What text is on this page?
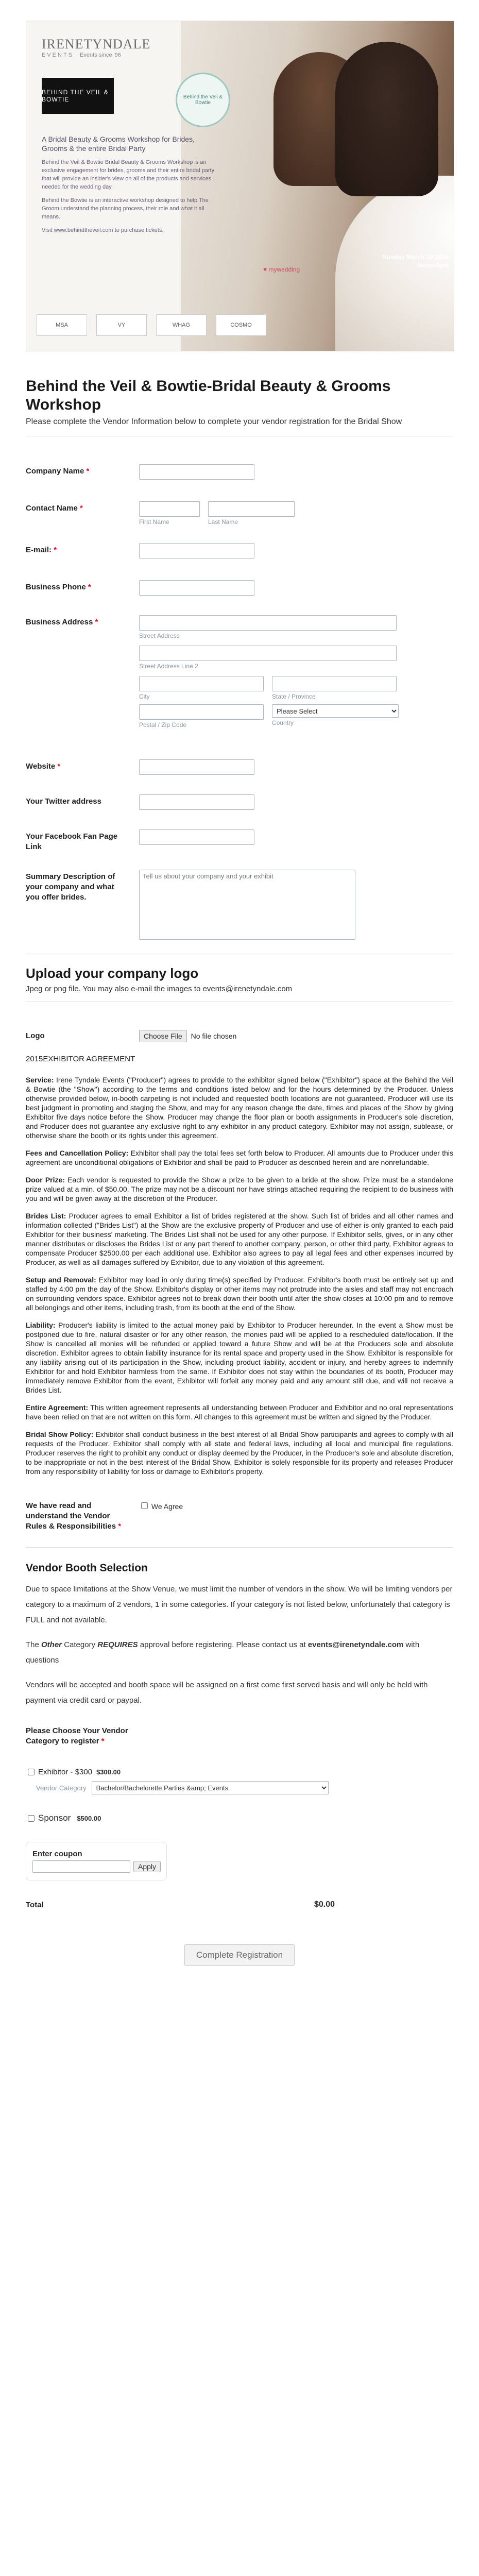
IRENETYNDALE
EVENTS Events since '96
BEHIND THE VEIL & BOWTIE	Behind the Veil & Bowtie

A Bridal Beauty & Grooms Workshop for Brides, Grooms & the entire Bridal Party

Behind the Veil & Bowtie Bridal Beauty & Grooms Workshop is an exclusive engagement for brides, grooms and their entire bridal party that will provide an insider's view on all of the products and services needed for the wedding day.

Behind the Bowtie is an interactive workshop designed to help The Groom understand the planning process, their role and what it all means.

Visit www.behindtheveil.com to purchase tickets.

♥ mywedding
Sunday March 20 2016 Noon-5pm
MSA	VY	WHAG	COSMO
Behind the Veil & Bowtie-Bridal Beauty & Grooms Workshop
Please complete the Vendor Information below to complete your vendor registration for the Bridal Show
Company Name *
Contact Name *
First Name	Last Name
E-mail: *
Business Phone *
Business Address *
Street Address
Street Address Line 2
City	State / Province
Postal / Zip Code
Please Select	Country
Website *
Your Twitter address
Your Facebook Fan Page Link
Summary Description of your company and what you offer brides.
Tell us about your company and your exhibit
Upload your company logo
Jpeg or png file. You may also e-mail the images to events@irenetyndale.com
Logo	Choose File No file chosen

2015EXHIBITOR AGREEMENT

Service: Irene Tyndale Events ("Producer") agrees to provide to the exhibitor signed below ("Exhibitor") space at the Behind the Veil & Bowtie (the "Show") according to the terms and conditions listed below and for the hours determined by the Producer. Unless otherwise provided below, in-booth carpeting is not included and requested booth locations are not guaranteed. Producer will use its best judgment in promoting and staging the Show, and may for any reason change the date, times and places of the Show by giving Exhibitor five days notice before the Show. Producer may change the floor plan or booth assignments in Producer's sole discretion, and Producer does not guarantee any exclusive right to any exhibitor in any product category. Exhibitor may not assign, sublease, or otherwise share the booth or its rights under this agreement.

Fees and Cancellation Policy: Exhibitor shall pay the total fees set forth below to Producer. All amounts due to Producer under this agreement are unconditional obligations of Exhibitor and shall be paid to Producer as described herein and are nonrefundable.

Door Prize: Each vendor is requested to provide the Show a prize to be given to a bride at the show. Prize must be a standalone prize valued at a min. of $50.00. The prize may not be a discount nor have strings attached requiring the recipient to do business with you and will be given away at the discretion of the Producer.

Brides List: Producer agrees to email Exhibitor a list of brides registered at the show. Such list of brides and all other names and information collected ("Brides List") at the Show are the exclusive property of Producer and use of either is only granted to each paid Exhibitor for their business' marketing. The Brides List shall not be used for any other purpose. If Exhibitor sells, gives, or in any other manner distributes or discloses the Brides List or any part thereof to another company, person, or other third party, Exhibitor agrees to compensate Producer $2500.00 per each additional use. Exhibitor also agrees to pay all legal fees and other expenses incurred by Producer, as well as all damages suffered by Exhibitor, due to any violation of this agreement.

Setup and Removal: Exhibitor may load in only during time(s) specified by Producer. Exhibitor's booth must be entirely set up and staffed by 4:00 pm the day of the Show. Exhibitor's display or other items may not protrude into the aisles and staff may not encroach on surrounding vendors space. Exhibitor agrees not to break down their booth until after the show closes at 10:00 pm and to remove all belongings and other items, including trash, from its booth at the end of the Show.

Liability: Producer's liability is limited to the actual money paid by Exhibitor to Producer hereunder. In the event a Show must be postponed due to fire, natural disaster or for any other reason, the monies paid will be applied to a rescheduled date/location. If the Show is cancelled all monies will be refunded or applied toward a future Show and will be at the Producers sole and absolute discretion. Exhibitor agrees to obtain liability insurance for its rental space and property used in the Show. Exhibitor is responsible for any liability arising out of its participation in the Show, including product liability, accident or injury, and hereby agrees to indemnify Exhibitor for and hold Exhibitor harmless from the same. If Exhibitor does not stay within the boundaries of its booth, Producer may immediately remove Exhibitor from the event, Exhibitor will forfeit any money paid and any amount still due, and will not receive a Brides List.

Entire Agreement: This written agreement represents all understanding between Producer and Exhibitor and no oral representations have been relied on that are not written on this form. All changes to this agreement must be written and signed by the Producer.

Bridal Show Policy: Exhibitor shall conduct business in the best interest of all Bridal Show participants and agrees to comply with all requests of the Producer. Exhibitor shall comply with all state and federal laws, including all local and municipal fire regulations. Producer reserves the right to prohibit any conduct or display deemed by the Producer, in the Producer's sole and absolute discretion, to be inappropriate or not in the best interest of the Bridal Show. Exhibitor is solely responsible for its property and releases Producer from any responsibility of liability for loss or damage to Exhibitor's property.

We have read and understand the Vendor Rules & Responsibilities *
We Agree
Vendor Booth Selection

Due to space limitations at the Show Venue, we must limit the number of vendors in the show. We will be limiting vendors per category to a maximum of 2 vendors, 1 in some categories. If your category is not listed below, unfortunately that category is FULL and not available.

The Other Category REQUIRES approval before registering. Please contact us at events@irenetyndale.com with questions

Vendors will be accepted and booth space will be assigned on a first come first served basis and will only be held with payment via credit card or paypal.

Please Choose Your Vendor Category to register *
Exhibitor - $300 $300.00
Vendor Category
Bachelor/Bachelorette Parties &amp; Events
Sponsor $500.00
Enter coupon
Apply
Total	$0.00
Complete Registration
